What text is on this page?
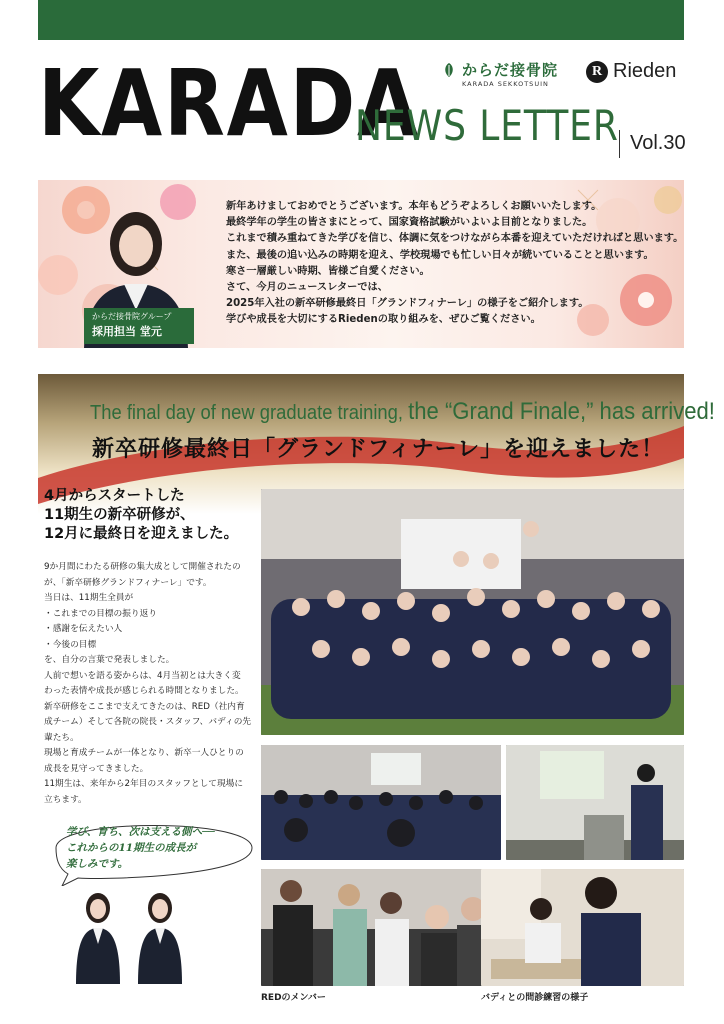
KARADA
NEWS LETTER Vol.30
からだ接骨院
KARADA SEKKOTSUIN
R Rieden
からだ接骨院グループ
採用担当 堂元

新年あけましておめでとうございます。本年もどうぞよろしくお願いいたします。

最終学年の学生の皆さまにとって、国家資格試験がいよいよ目前となりました。

これまで積み重ねてきた学びを信じ、体調に気をつけながら本番を迎えていただければと思います。

また、最後の追い込みの時期を迎え、学校現場でも忙しい日々が続いていることと思います。

寒さ一層厳しい時期、皆様ご自愛ください。

さて、今月のニュースレターでは、

2025年入社の新卒研修最終日「グランドフィナーレ」の様子をご紹介します。

学びや成長を大切にするRiedenの取り組みを、ぜひご覧ください。

The final day of new graduate training, the “Grand Finale,” has arrived!
新卒研修最終日「グランドフィナーレ」を迎えました！
4月からスタートした
11期生の新卒研修が、
12月に最終日を迎えました。
9か月間にわたる研修の集大成として開催されたの
が、「新卒研修グランドフィナーレ」です。
当日は、11期生全員が
・これまでの目標の振り返り
・感謝を伝えたい人
・今後の目標
を、自分の言葉で発表しました。
人前で想いを語る姿からは、4月当初とは大きく変
わった表情や成長が感じられる時間となりました。
新卒研修をここまで支えてきたのは、RED（社内育
成チーム）そして各院の院長・スタッフ、バディの先
輩たち。
現場と育成チームが一体となり、新卒一人ひとりの
成長を見守ってきました。
11期生は、来年から2年目のスタッフとして現場に
立ちます。
学び、育ち、次は支える側へ──
これからの11期生の成長が
楽しみです。
REDのメンバー	バディとの問診練習の様子
